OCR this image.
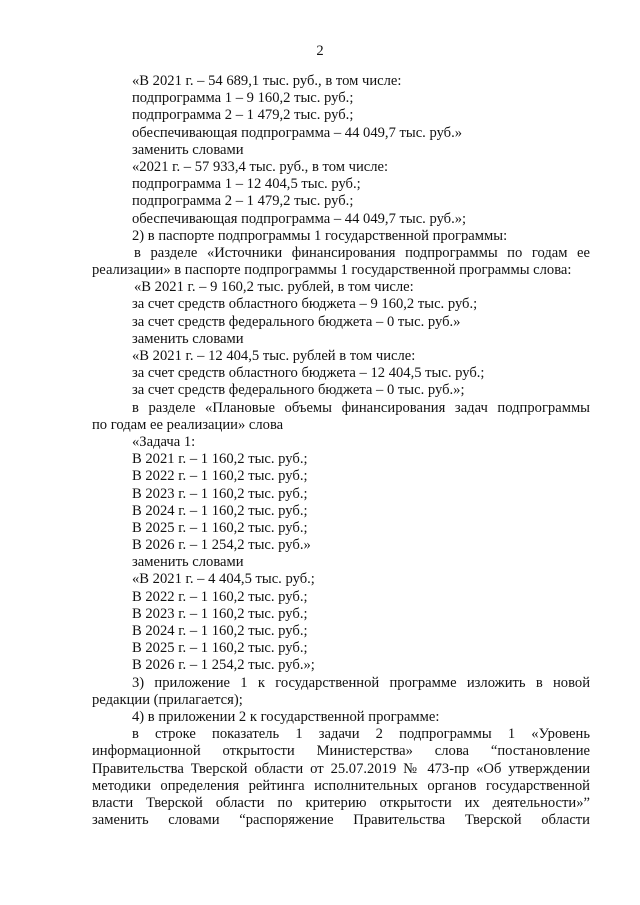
2
«В 2021 г. – 54 689,1 тыс. руб., в том числе:
подпрограмма 1 – 9 160,2 тыс. руб.;
подпрограмма 2 – 1 479,2 тыс. руб.;
обеспечивающая подпрограмма – 44 049,7 тыс. руб.»
заменить словами
«2021 г. – 57 933,4 тыс. руб., в том числе:
подпрограмма 1 – 12 404,5 тыс. руб.;
подпрограмма 2 – 1 479,2 тыс. руб.;
обеспечивающая подпрограмма – 44 049,7 тыс. руб.»;
2) в паспорте подпрограммы 1 государственной программы:
в разделе «Источники финансирования подпрограммы по годам ее
реализации» в паспорте подпрограммы 1 государственной программы слова:
«В 2021 г. – 9 160,2 тыс. рублей, в том числе:
за счет средств областного бюджета – 9 160,2 тыс. руб.;
за счет средств федерального бюджета – 0 тыс. руб.»
заменить словами
«В 2021 г. – 12 404,5 тыс. рублей в том числе:
за счет средств областного бюджета – 12 404,5 тыс. руб.;
за счет средств федерального бюджета – 0 тыс. руб.»;
в разделе «Плановые объемы финансирования задач подпрограммы
по годам ее реализации» слова
«Задача 1:
В 2021 г. – 1 160,2 тыс. руб.;
В 2022 г. – 1 160,2 тыс. руб.;
В 2023 г. – 1 160,2 тыс. руб.;
В 2024 г. – 1 160,2 тыс. руб.;
В 2025 г. – 1 160,2 тыс. руб.;
В 2026 г. – 1 254,2 тыс. руб.»
заменить словами
«В 2021 г. – 4 404,5 тыс. руб.;
В 2022 г. – 1 160,2 тыс. руб.;
В 2023 г. – 1 160,2 тыс. руб.;
В 2024 г. – 1 160,2 тыс. руб.;
В 2025 г. – 1 160,2 тыс. руб.;
В 2026 г. – 1 254,2 тыс. руб.»;
3) приложение 1 к государственной программе изложить в новой
редакции (прилагается);
4) в приложении 2 к государственной программе:
в строке показатель 1 задачи 2 подпрограммы 1 «Уровень
информационной открытости Министерства» слова “постановление
Правительства Тверской области от 25.07.2019 № 473-пр «Об утверждении
методики определения рейтинга исполнительных органов государственной
власти Тверской области по критерию открытости их деятельности»”
заменить словами “распоряжение Правительства Тверской области
